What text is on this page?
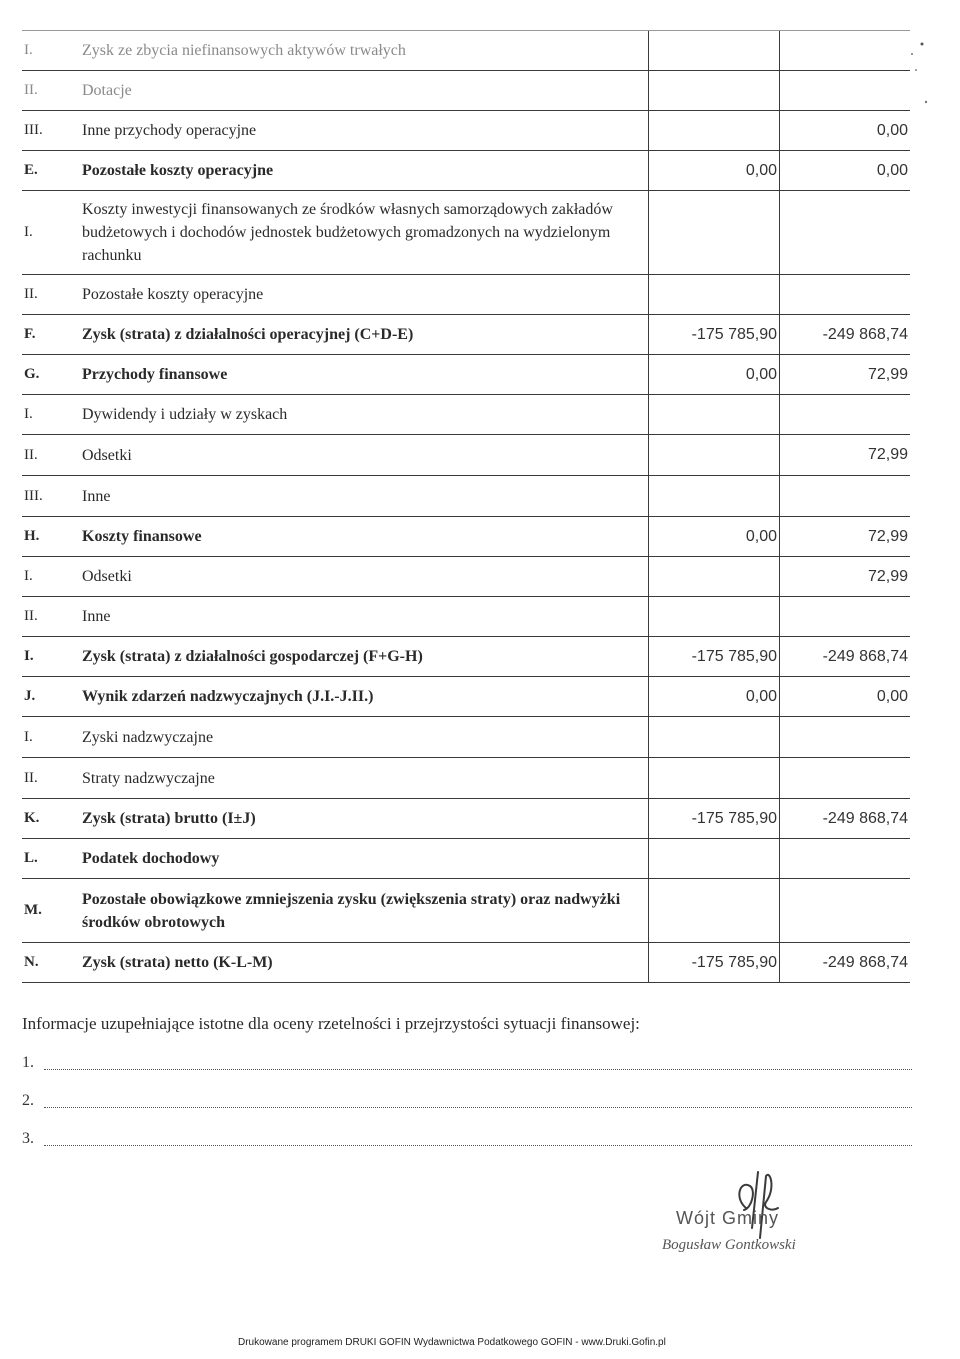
I.	Zysk ze zbycia niefinansowych aktywów trwałych		
II.	Dotacje		
III.	Inne przychody operacyjne		0,00
E.	Pozostałe koszty operacyjne	0,00	0,00
I.	Koszty inwestycji finansowanych ze środków własnych samorządowych zakładów budżetowych i dochodów jednostek budżetowych gromadzonych na wydzielonym rachunku		
II.	Pozostałe koszty operacyjne		
F.	Zysk (strata) z działalności operacyjnej (C+D-E)	-175 785,90	-249 868,74
G.	Przychody finansowe	0,00	72,99
I.	Dywidendy i udziały w zyskach		
II.	Odsetki		72,99
III.	Inne		
H.	Koszty finansowe	0,00	72,99
I.	Odsetki		72,99
II.	Inne		
I.	Zysk (strata) z działalności gospodarczej (F+G-H)	-175 785,90	-249 868,74
J.	Wynik zdarzeń nadzwyczajnych (J.I.-J.II.)	0,00	0,00
I.	Zyski nadzwyczajne		
II.	Straty nadzwyczajne		
K.	Zysk (strata) brutto (I±J)	-175 785,90	-249 868,74
L.	Podatek dochodowy		
M.	Pozostałe obowiązkowe zmniejszenia zysku (zwiększenia straty) oraz nadwyżki środków obrotowych		
N.	Zysk (strata) netto (K-L-M)	-175 785,90	-249 868,74
Informacje uzupełniające istotne dla oceny rzetelności i przejrzystości sytuacji finansowej:
1.
2.
3.
Wójt Gminy
Bogusław Gontkowski
Drukowane programem DRUKI GOFIN Wydawnictwa Podatkowego GOFIN - www.Druki.Gofin.pl
